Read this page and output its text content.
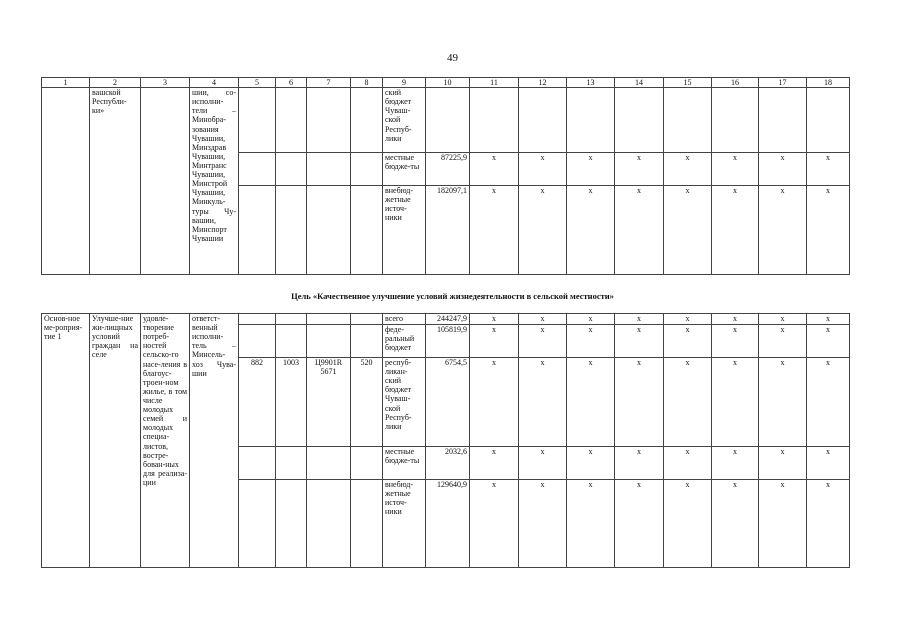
49
1	2	3	4	5	6	7	8	9	10	11	12	13	14	15	16	17	18
	вашской Республи-ки»		шии, со-исполни-тели – Минобра-зования Чувашии, Минздрав Чувашии, Минтранс Чувашии, Минстрой Чувашии, Минкуль-туры Чу-вашии, Минспорт Чувашии					ский бюджет Чуваш-ской Респуб-лики									
								местные бюдже-ты	87225,9	х	х	х	х	х	х	х	х
								внебюд-жетные источ-ники	182097,1	х	х	х	х	х	х	х	х
Цель «Качественное улучшение условий жизнедеятельности в сельской местности»
Основ-ное ме-роприя-тие 1	Улучше-ние жи-лищных условий граждан на селе	удовле-творение потреб-ностей сельско-го насе-ления в благоус-троен-ном жилье, в том числе молодых семей и молодых специа-листов, востре-бован-ных для реализа-ции	ответст-венный исполни-тель – Минсель-хоз Чува-шии					всего	244247,9	х	х	х	х	х	х	х	х
								феде-ральный бюджет	105819,9	х	х	х	х	х	х	х	х
				882	1003	Ц9901R 5671	520	респуб-ликан-ский бюджет Чуваш-ской Респуб-лики	6754,5	х	х	х	х	х	х	х	х
								местные бюдже-ты	2032,6	х	х	х	х	х	х	х	х
								внебюд-жетные источ-ники	129640,9	х	х	х	х	х	х	х	х
